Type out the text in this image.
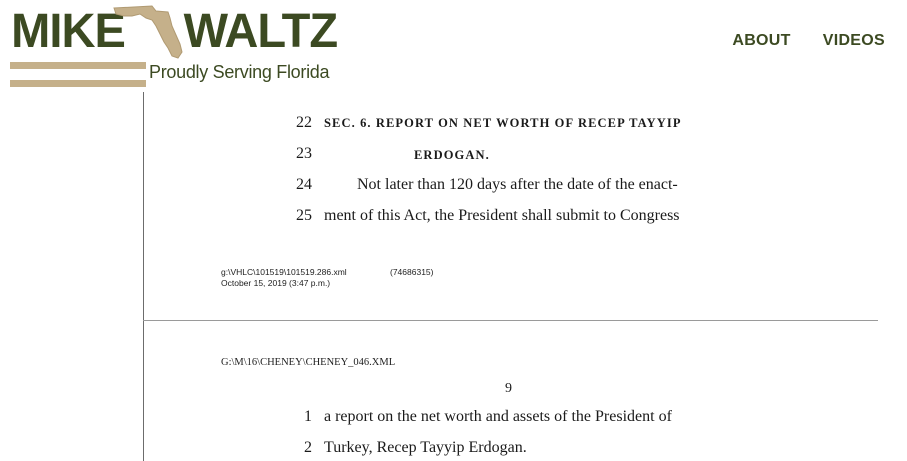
MIKE WALTZ
Proudly Serving Florida
ABOUT VIDEOS
22 SEC. 6. REPORT ON NET WORTH OF RECEP TAYYIP
23	ERDOGAN.
24	Not later than 120 days after the date of the enact-
25 ment of this Act, the President shall submit to Congress
g:\VHLC\101519\101519.286.xml	(74686315)
October 15, 2019 (3:47 p.m.)
G:\M\16\CHENEY\CHENEY_046.XML
9
1 a report on the net worth and assets of the President of
2 Turkey, Recep Tayyip Erdogan.
